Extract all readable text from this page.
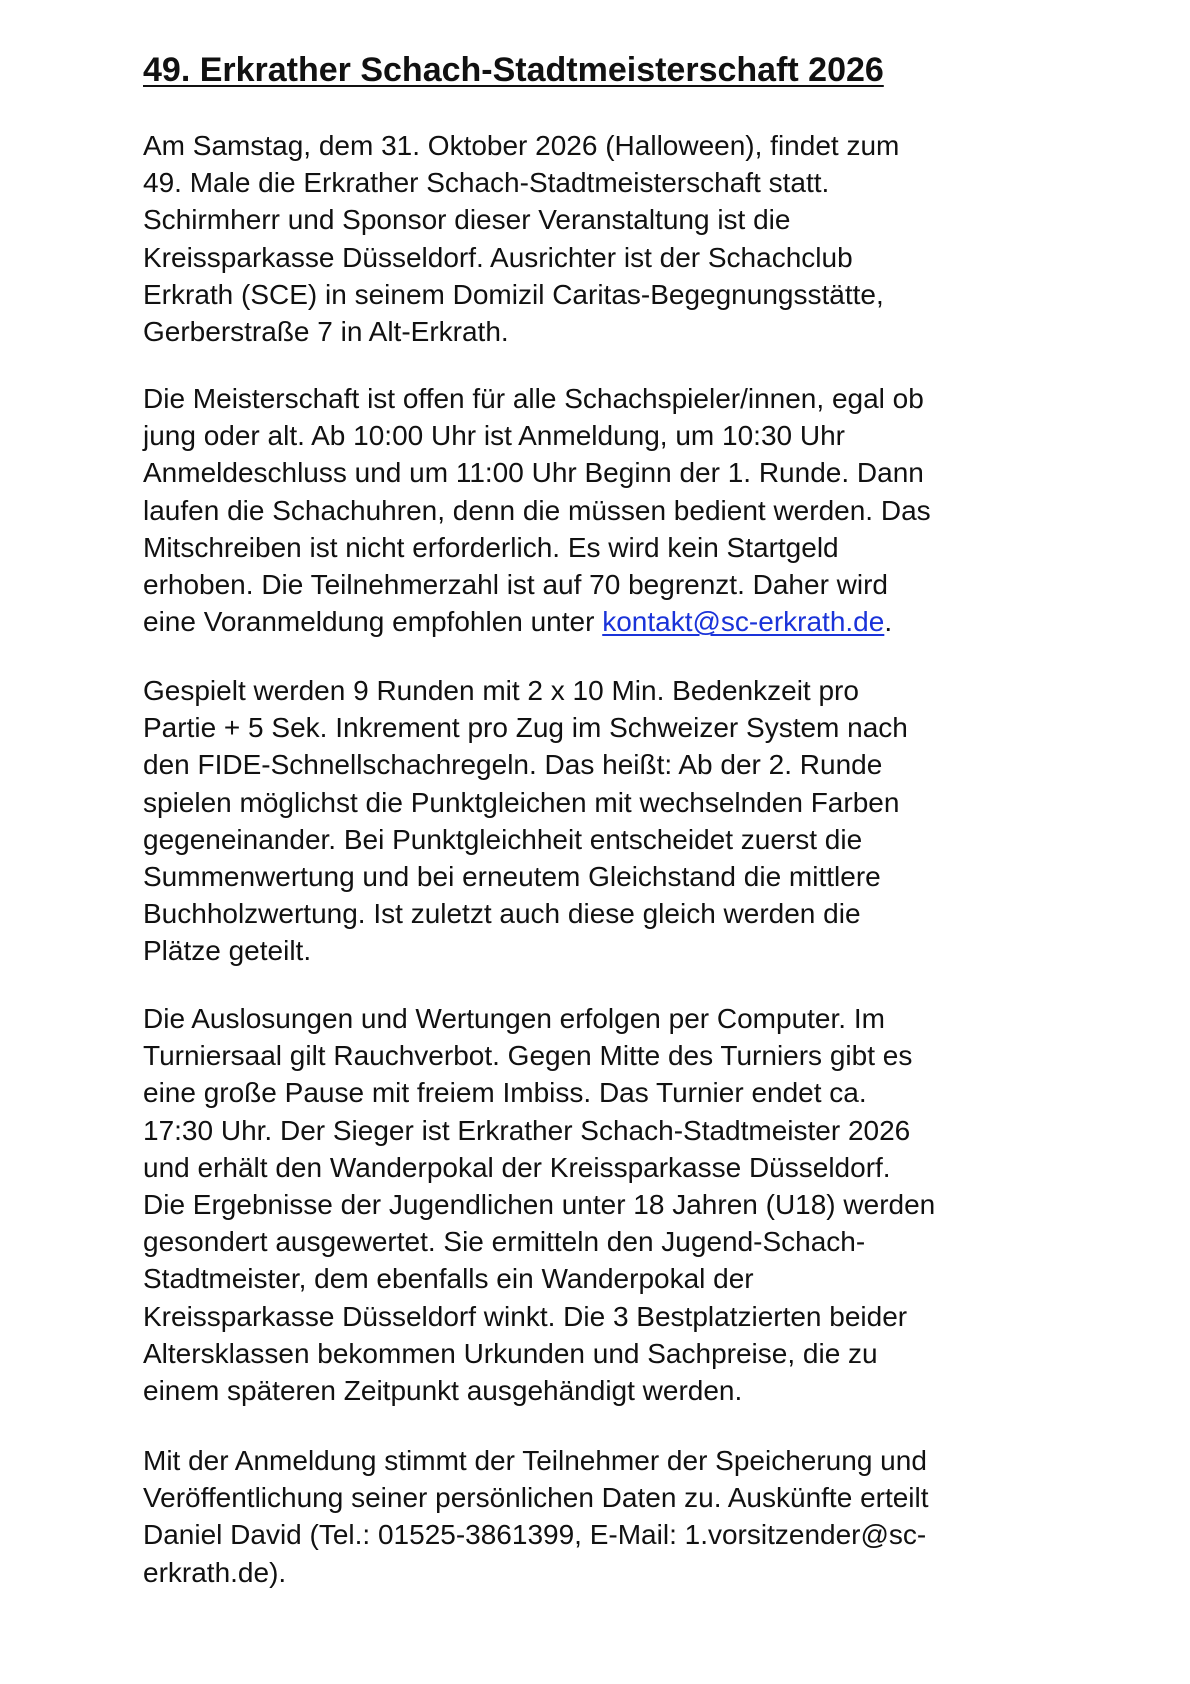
49. Erkrather Schach-Stadtmeisterschaft 2026

Am Samstag, dem 31. Oktober 2026 (Halloween), findet zum
49. Male die Erkrather Schach-Stadtmeisterschaft statt.
Schirmherr und Sponsor dieser Veranstaltung ist die
Kreissparkasse Düsseldorf. Ausrichter ist der Schachclub
Erkrath (SCE) in seinem Domizil Caritas-Begegnungsstätte,
Gerberstraße 7 in Alt-Erkrath.

Die Meisterschaft ist offen für alle Schachspieler/innen, egal ob
jung oder alt. Ab 10:00 Uhr ist Anmeldung, um 10:30 Uhr
Anmeldeschluss und um 11:00 Uhr Beginn der 1. Runde. Dann
laufen die Schachuhren, denn die müssen bedient werden. Das
Mitschreiben ist nicht erforderlich. Es wird kein Startgeld
erhoben. Die Teilnehmerzahl ist auf 70 begrenzt. Daher wird
eine Voranmeldung empfohlen unter kontakt@sc-erkrath.de.

Gespielt werden 9 Runden mit 2 x 10 Min. Bedenkzeit pro
Partie + 5 Sek. Inkrement pro Zug im Schweizer System nach
den FIDE-Schnellschachregeln. Das heißt: Ab der 2. Runde
spielen möglichst die Punktgleichen mit wechselnden Farben
gegeneinander. Bei Punktgleichheit entscheidet zuerst die
Summenwertung und bei erneutem Gleichstand die mittlere
Buchholzwertung. Ist zuletzt auch diese gleich werden die
Plätze geteilt.

Die Auslosungen und Wertungen erfolgen per Computer. Im
Turniersaal gilt Rauchverbot. Gegen Mitte des Turniers gibt es
eine große Pause mit freiem Imbiss. Das Turnier endet ca.
17:30 Uhr. Der Sieger ist Erkrather Schach-Stadtmeister 2026
und erhält den Wanderpokal der Kreissparkasse Düsseldorf.
Die Ergebnisse der Jugendlichen unter 18 Jahren (U18) werden
gesondert ausgewertet. Sie ermitteln den Jugend-Schach-
Stadtmeister, dem ebenfalls ein Wanderpokal der
Kreissparkasse Düsseldorf winkt. Die 3 Bestplatzierten beider
Altersklassen bekommen Urkunden und Sachpreise, die zu
einem späteren Zeitpunkt ausgehändigt werden.

Mit der Anmeldung stimmt der Teilnehmer der Speicherung und
Veröffentlichung seiner persönlichen Daten zu. Auskünfte erteilt
Daniel David (Tel.: 01525-3861399, E-Mail: 1.vorsitzender@sc-
erkrath.de).
